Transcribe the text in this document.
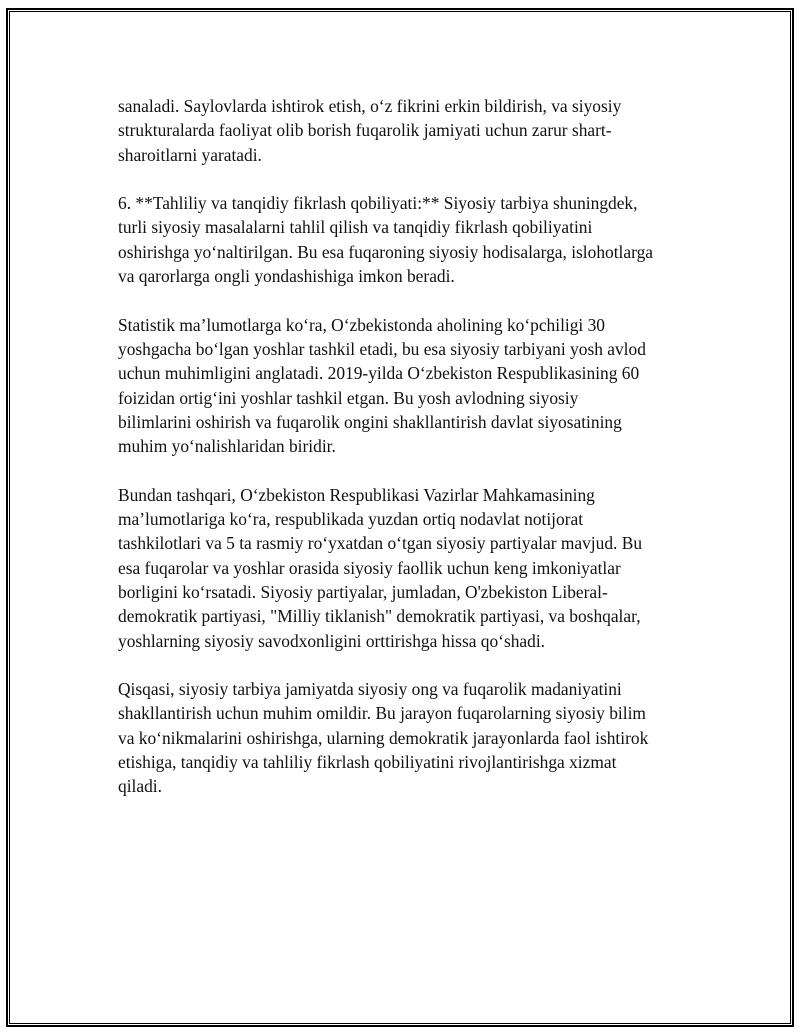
sanaladi. Saylovlarda ishtirok etish, o‘z fikrini erkin bildirish, va siyosiy
strukturalarda faoliyat olib borish fuqarolik jamiyati uchun zarur shart-
sharoitlarni yaratadi.

6. **Tahliliy va tanqidiy fikrlash qobiliyati:** Siyosiy tarbiya shuningdek,
turli siyosiy masalalarni tahlil qilish va tanqidiy fikrlash qobiliyatini
oshirishga yo‘naltirilgan. Bu esa fuqaroning siyosiy hodisalarga, islohotlarga
va qarorlarga ongli yondashishiga imkon beradi.

Statistik ma’lumotlarga ko‘ra, O‘zbekistonda aholining ko‘pchiligi 30
yoshgacha bo‘lgan yoshlar tashkil etadi, bu esa siyosiy tarbiyani yosh avlod
uchun muhimligini anglatadi. 2019-yilda O‘zbekiston Respublikasining 60
foizidan ortig‘ini yoshlar tashkil etgan. Bu yosh avlodning siyosiy
bilimlarini oshirish va fuqarolik ongini shakllantirish davlat siyosatining
muhim yo‘nalishlaridan biridir.

Bundan tashqari, O‘zbekiston Respublikasi Vazirlar Mahkamasining
ma’lumotlariga ko‘ra, respublikada yuzdan ortiq nodavlat notijorat
tashkilotlari va 5 ta rasmiy ro‘yxatdan o‘tgan siyosiy partiyalar mavjud. Bu
esa fuqarolar va yoshlar orasida siyosiy faollik uchun keng imkoniyatlar
borligini ko‘rsatadi. Siyosiy partiyalar, jumladan, O'zbekiston Liberal-
demokratik partiyasi, "Milliy tiklanish" demokratik partiyasi, va boshqalar,
yoshlarning siyosiy savodxonligini orttirishga hissa qo‘shadi.

Qisqasi, siyosiy tarbiya jamiyatda siyosiy ong va fuqarolik madaniyatini
shakllantirish uchun muhim omildir. Bu jarayon fuqarolarning siyosiy bilim
va ko‘nikmalarini oshirishga, ularning demokratik jarayonlarda faol ishtirok
etishiga, tanqidiy va tahliliy fikrlash qobiliyatini rivojlantirishga xizmat
qiladi.
